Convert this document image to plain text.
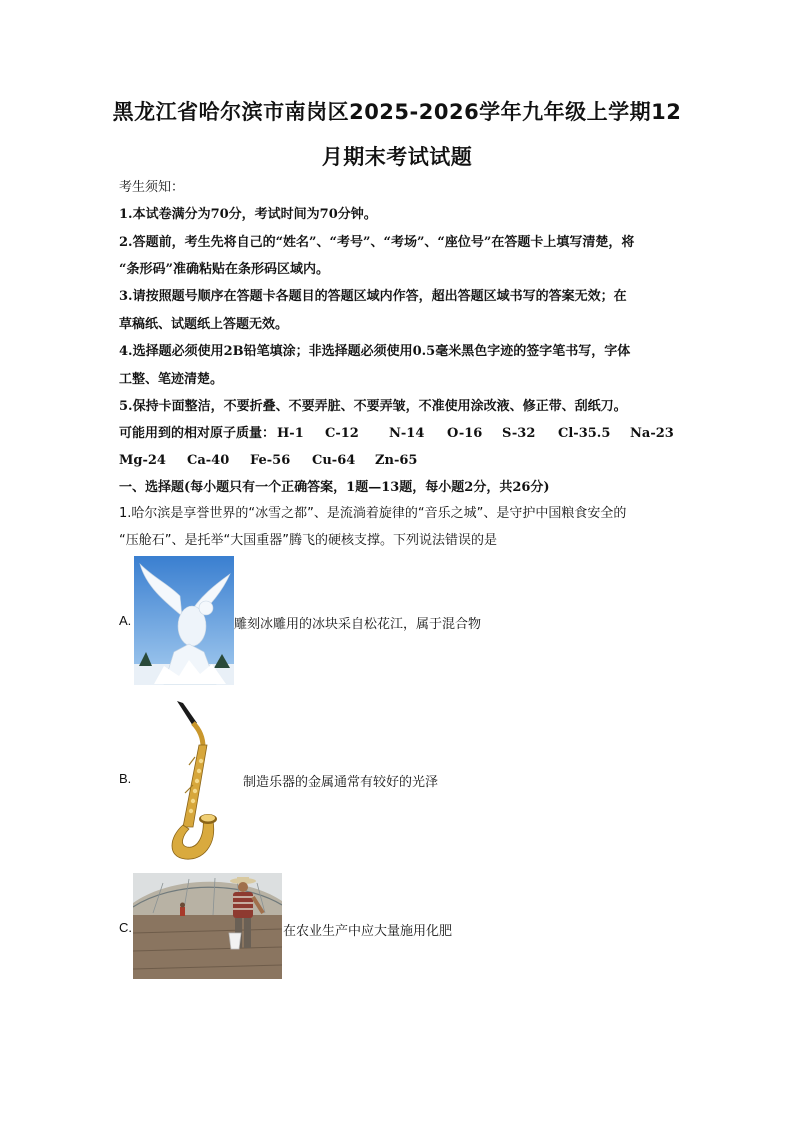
黑龙江省哈尔滨市南岗区2025-2026学年九年级上学期12
月期末考试试题
考生须知：
1.本试卷满分为70分，考试时间为70分钟。
2.答题前，考生先将自己的“姓名”、“考号”、“考场”、“座位号”在答题卡上填写清楚，将
“条形码”准确粘贴在条形码区域内。
3.请按照题号顺序在答题卡各题目的答题区域内作答，超出答题区域书写的答案无效；在
草稿纸、试题纸上答题无效。
4.选择题必须使用2B铅笔填涂；非选择题必须使用0.5毫米黑色字迹的签字笔书写，字体
工整、笔迹清楚。
5.保持卡面整洁，不要折叠、不要弄脏、不要弄皱，不准使用涂改液、修正带、刮纸刀。
可能用到的相对原子质量： H-1 C-12 N-14 O-16 S-32 Cl-35.5 Na-23
Mg-24 Ca-40 Fe-56 Cu-64 Zn-65
一、选择题(每小题只有一个正确答案，1题—13题，每小题2分，共26分)
1.哈尔滨是享誉世界的“冰雪之都”、是流淌着旋律的“音乐之城”、是守护中国粮食安全的
“压舱石”、是托举“大国重器”腾飞的硬核支撑。下列说法错误的是
A.	雕刻冰雕用的冰块采自松花江，属于混合物
B.	制造乐器的金属通常有较好的光泽
C.	在农业生产中应大量施用化肥
